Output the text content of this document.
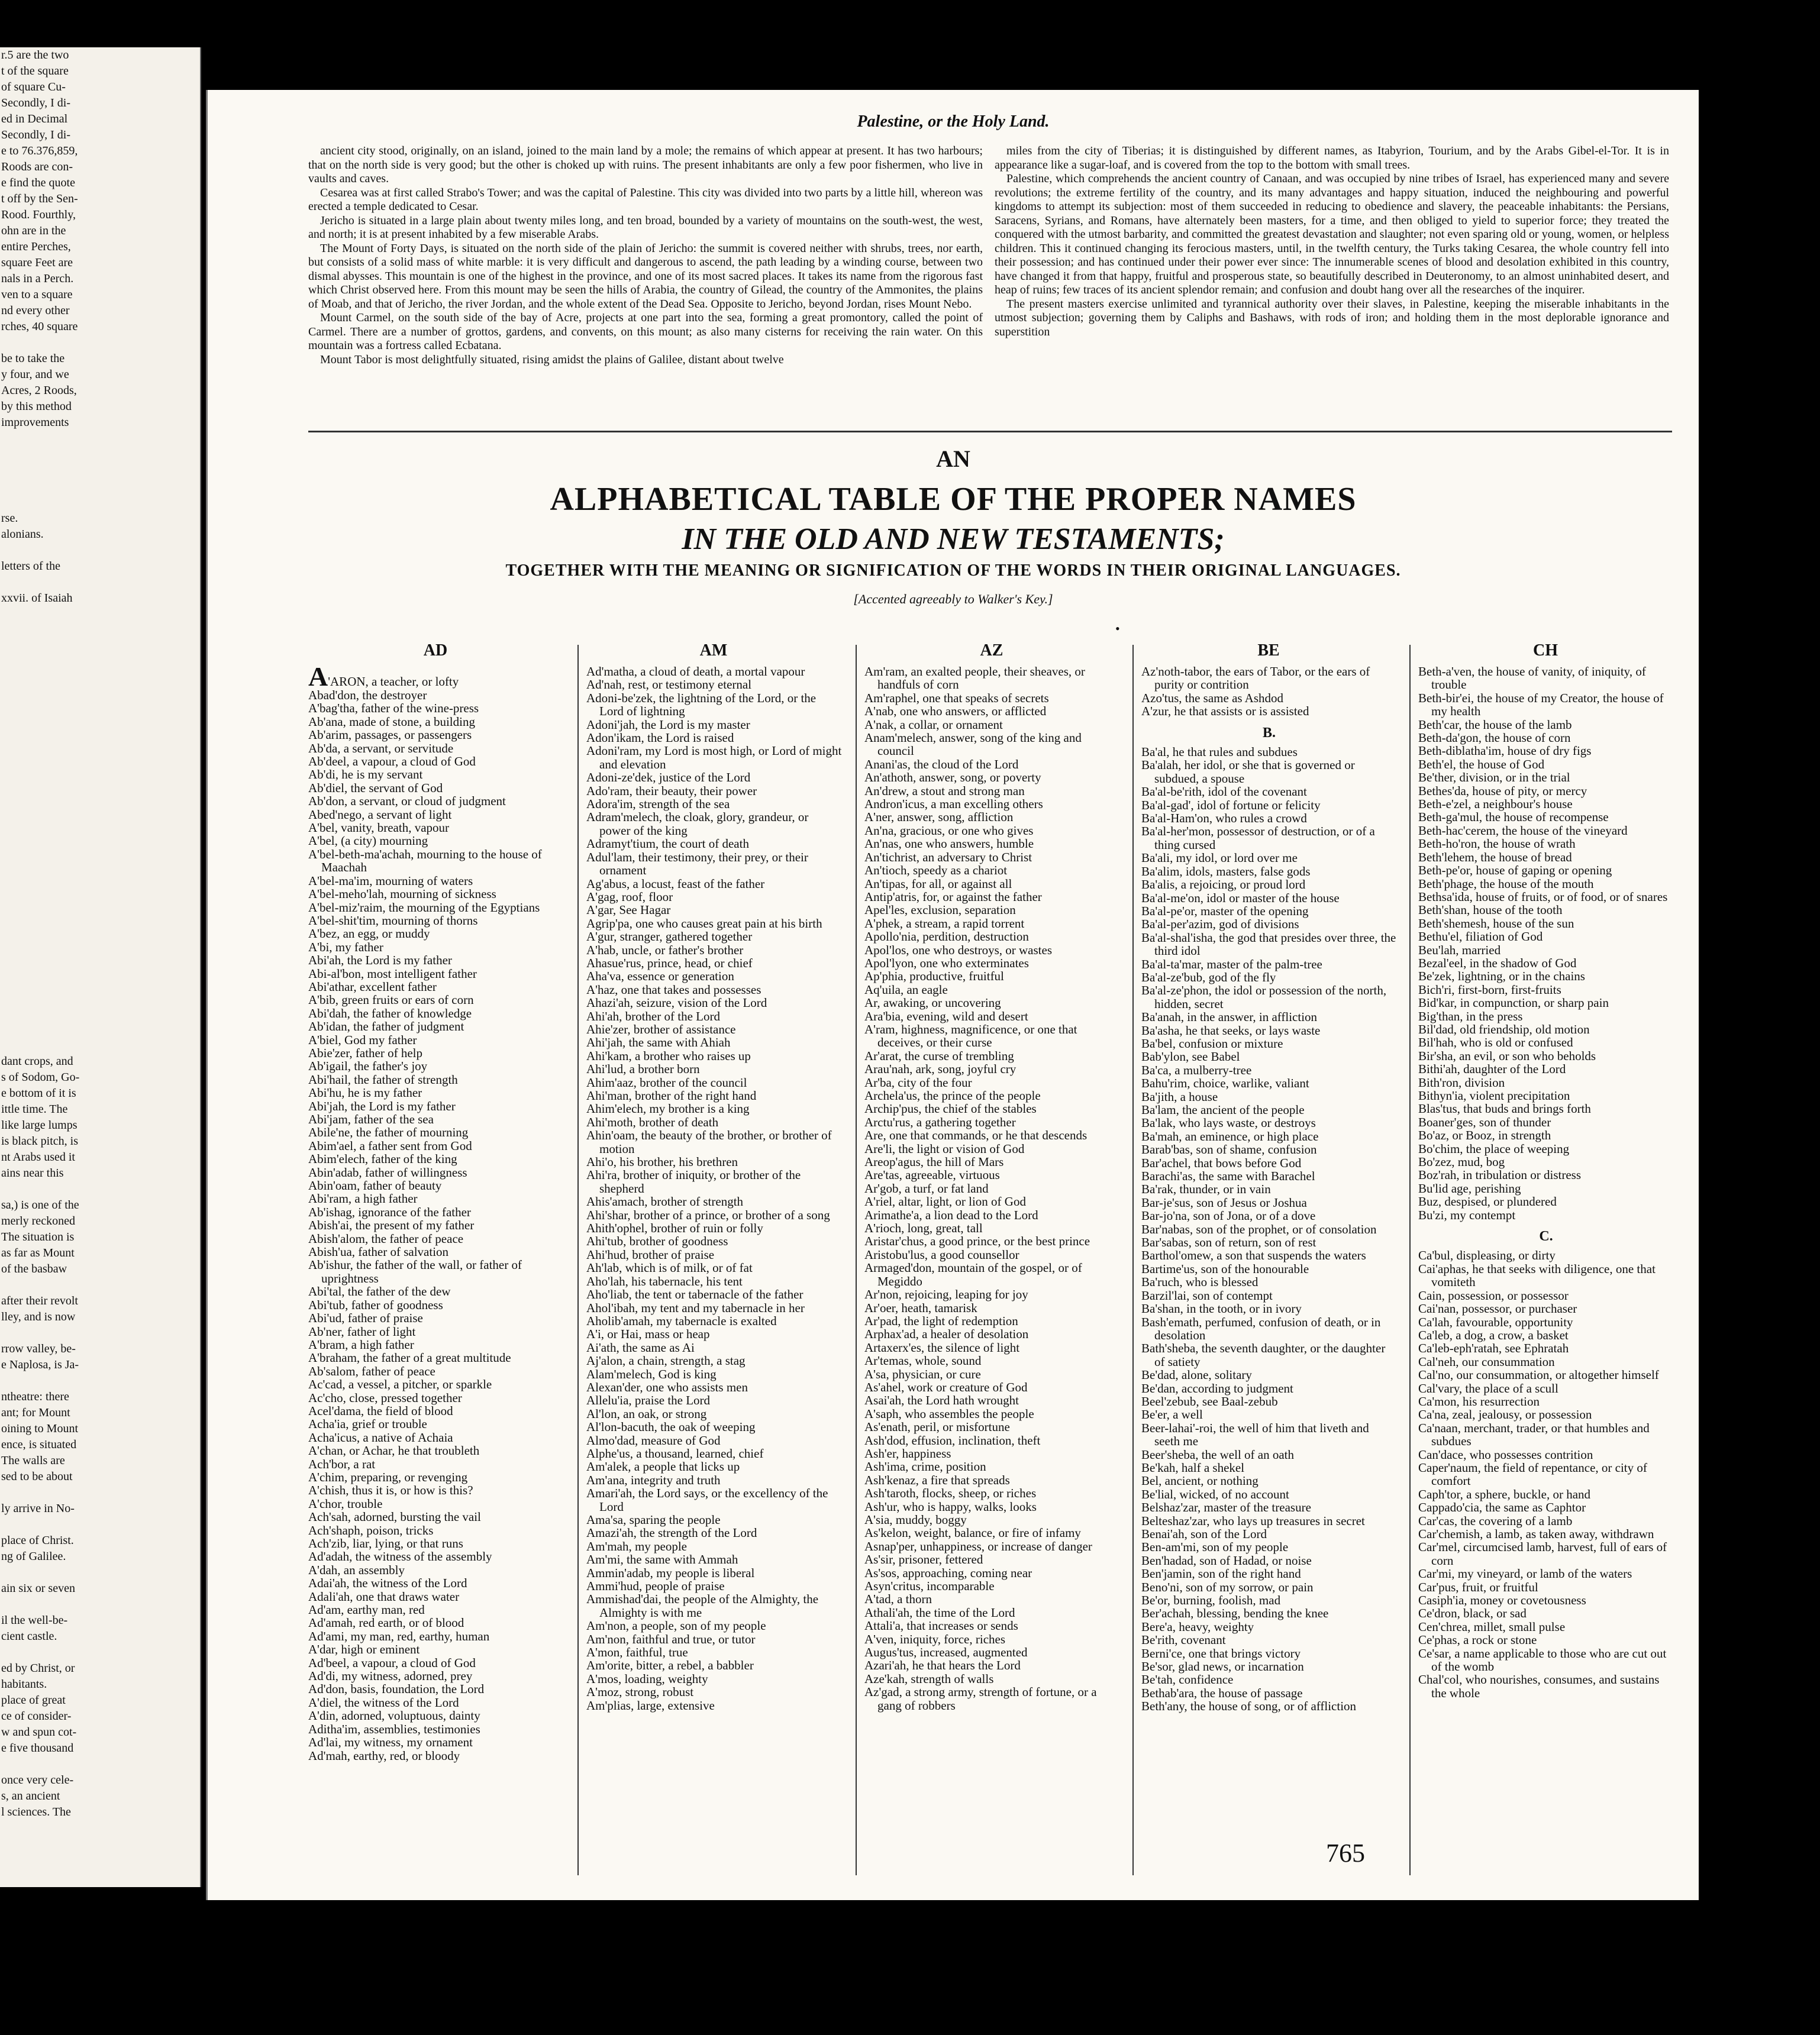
r.5 are the two
t of the square
of square Cu-
Secondly, I di-
ed in Decimal
Secondly, I di-
e to 76.376,859,
Roods are con-
e find the quote
t off by the Sen-
Rood. Fourthly,
ohn are in the
entire Perches,
square Feet are
nals in a Perch.
ven to a square
nd every other
rches, 40 square
be to take the
y four, and we
Acres, 2 Roods,
by this method
improvements
rse.
alonians.
letters of the
xxvii. of Isaiah
dant crops, and
s of Sodom, Go-
e bottom of it is
ittle time. The
like large lumps
is black pitch, is
nt Arabs used it
ains near this
sa,) is one of the
merly reckoned
The situation is
as far as Mount
of the basbaw
after their revolt
lley, and is now
rrow valley, be-
e Naplosa, is Ja-
ntheatre: there
ant; for Mount
oining to Mount
ence, is situated
The walls are
sed to be about
ly arrive in No-
place of Christ.
ng of Galilee.
ain six or seven
il the well-be-
cient castle.
ed by Christ, or
habitants.
place of great
ce of consider-
w and spun cot-
e five thousand
once very cele-
s, an ancient
l sciences. The
Palestine, or the Holy Land.

ancient city stood, originally, on an island, joined to the main land by a mole; the remains of which appear at present. It has two harbours; that on the north side is very good; but the other is choked up with ruins. The present inhabitants are only a few poor fishermen, who live in vaults and caves.

Cesarea was at first called Strabo's Tower; and was the capital of Palestine. This city was divided into two parts by a little hill, whereon was erected a temple dedicated to Cesar.

Jericho is situated in a large plain about twenty miles long, and ten broad, bounded by a variety of mountains on the south-west, the west, and north; it is at present inhabited by a few miserable Arabs.

The Mount of Forty Days, is situated on the north side of the plain of Jericho: the summit is covered neither with shrubs, trees, nor earth, but consists of a solid mass of white marble: it is very difficult and dangerous to ascend, the path leading by a winding course, between two dismal abysses. This mountain is one of the highest in the province, and one of its most sacred places. It takes its name from the rigorous fast which Christ observed here. From this mount may be seen the hills of Arabia, the country of Gilead, the country of the Ammonites, the plains of Moab, and that of Jericho, the river Jordan, and the whole extent of the Dead Sea. Opposite to Jericho, beyond Jordan, rises Mount Nebo.

Mount Carmel, on the south side of the bay of Acre, projects at one part into the sea, forming a great promontory, called the point of Carmel. There are a number of grottos, gardens, and convents, on this mount; as also many cisterns for receiving the rain water. On this mountain was a fortress called Ecbatana.

Mount Tabor is most delightfully situated, rising amidst the plains of Galilee, distant about twelve

miles from the city of Tiberias; it is distinguished by different names, as Itabyrion, Tourium, and by the Arabs Gibel-el-Tor. It is in appearance like a sugar-loaf, and is covered from the top to the bottom with small trees.

Palestine, which comprehends the ancient country of Canaan, and was occupied by nine tribes of Israel, has experienced many and severe revolutions; the extreme fertility of the country, and its many advantages and happy situation, induced the neighbouring and powerful kingdoms to attempt its subjection: most of them succeeded in reducing to obedience and slavery, the peaceable inhabitants: the Persians, Saracens, Syrians, and Romans, have alternately been masters, for a time, and then obliged to yield to superior force; they treated the conquered with the utmost barbarity, and committed the greatest devastation and slaughter; not even sparing old or young, women, or helpless children. This it continued changing its ferocious masters, until, in the twelfth century, the Turks taking Cesarea, the whole country fell into their possession; and has continued under their power ever since: The innumerable scenes of blood and desolation exhibited in this country, have changed it from that happy, fruitful and prosperous state, so beautifully described in Deuteronomy, to an almost uninhabited desert, and heap of ruins; few traces of its ancient splendor remain; and confusion and doubt hang over all the researches of the inquirer.

The present masters exercise unlimited and tyrannical authority over their slaves, in Palestine, keeping the miserable inhabitants in the utmost subjection; governing them by Caliphs and Bashaws, with rods of iron; and holding them in the most deplorable ignorance and superstition

AN
ALPHABETICAL TABLE OF THE PROPER NAMES
IN THE OLD AND NEW TESTAMENTS;
TOGETHER WITH THE MEANING OR SIGNIFICATION OF THE WORDS IN THEIR ORIGINAL LANGUAGES.
[Accented agreeably to Walker's Key.]
•
AD
A'ARON, a teacher, or lofty
Abad'don, the destroyer
A'bag'tha, father of the wine-press
Ab'ana, made of stone, a building
Ab'arim, passages, or passengers
Ab'da, a servant, or servitude
Ab'deel, a vapour, a cloud of God
Ab'di, he is my servant
Ab'diel, the servant of God
Ab'don, a servant, or cloud of judgment
Abed'nego, a servant of light
A'bel, vanity, breath, vapour
A'bel, (a city) mourning
A'bel-beth-ma'achah, mourning to the house of Maachah
A'bel-ma'im, mourning of waters
A'bel-meho'lah, mourning of sickness
A'bel-miz'raim, the mourning of the Egyptians
A'bel-shit'tim, mourning of thorns
A'bez, an egg, or muddy
A'bi, my father
Abi'ah, the Lord is my father
Abi-al'bon, most intelligent father
Abi'athar, excellent father
A'bib, green fruits or ears of corn
Abi'dah, the father of knowledge
Ab'idan, the father of judgment
A'biel, God my father
Abie'zer, father of help
Ab'igail, the father's joy
Abi'hail, the father of strength
Abi'hu, he is my father
Abi'jah, the Lord is my father
Abi'jam, father of the sea
Abile'ne, the father of mourning
Abim'ael, a father sent from God
Abim'elech, father of the king
Abin'adab, father of willingness
Abin'oam, father of beauty
Abi'ram, a high father
Ab'ishag, ignorance of the father
Abish'ai, the present of my father
Abish'alom, the father of peace
Abish'ua, father of salvation
Ab'ishur, the father of the wall, or father of uprightness
Abi'tal, the father of the dew
Abi'tub, father of goodness
Abi'ud, father of praise
Ab'ner, father of light
A'bram, a high father
A'braham, the father of a great multitude
Ab'salom, father of peace
Ac'cad, a vessel, a pitcher, or sparkle
Ac'cho, close, pressed together
Acel'dama, the field of blood
Acha'ia, grief or trouble
Acha'icus, a native of Achaia
A'chan, or Achar, he that troubleth
Ach'bor, a rat
A'chim, preparing, or revenging
A'chish, thus it is, or how is this?
A'chor, trouble
Ach'sah, adorned, bursting the vail
Ach'shaph, poison, tricks
Ach'zib, liar, lying, or that runs
Ad'adah, the witness of the assembly
A'dah, an assembly
Adai'ah, the witness of the Lord
Adali'ah, one that draws water
Ad'am, earthy man, red
Ad'amah, red earth, or of blood
Ad'ami, my man, red, earthy, human
A'dar, high or eminent
Ad'beel, a vapour, a cloud of God
Ad'di, my witness, adorned, prey
Ad'don, basis, foundation, the Lord
A'diel, the witness of the Lord
A'din, adorned, voluptuous, dainty
Aditha'im, assemblies, testimonies
Ad'lai, my witness, my ornament
Ad'mah, earthy, red, or bloody
AM
Ad'matha, a cloud of death, a mortal vapour
Ad'nah, rest, or testimony eternal
Adoni-be'zek, the lightning of the Lord, or the Lord of lightning
Adoni'jah, the Lord is my master
Adon'ikam, the Lord is raised
Adoni'ram, my Lord is most high, or Lord of might and elevation
Adoni-ze'dek, justice of the Lord
Ado'ram, their beauty, their power
Adora'im, strength of the sea
Adram'melech, the cloak, glory, grandeur, or power of the king
Adramyt'tium, the court of death
Adul'lam, their testimony, their prey, or their ornament
Ag'abus, a locust, feast of the father
A'gag, roof, floor
A'gar, See Hagar
Agrip'pa, one who causes great pain at his birth
A'gur, stranger, gathered together
A'hab, uncle, or father's brother
Ahasue'rus, prince, head, or chief
Aha'va, essence or generation
A'haz, one that takes and possesses
Ahazi'ah, seizure, vision of the Lord
Ahi'ah, brother of the Lord
Ahie'zer, brother of assistance
Ahi'jah, the same with Ahiah
Ahi'kam, a brother who raises up
Ahi'lud, a brother born
Ahim'aaz, brother of the council
Ahi'man, brother of the right hand
Ahim'elech, my brother is a king
Ahi'moth, brother of death
Ahin'oam, the beauty of the brother, or brother of motion
Ahi'o, his brother, his brethren
Ahi'ra, brother of iniquity, or brother of the shepherd
Ahis'amach, brother of strength
Ahi'shar, brother of a prince, or brother of a song
Ahith'ophel, brother of ruin or folly
Ahi'tub, brother of goodness
Ahi'hud, brother of praise
Ah'lab, which is of milk, or of fat
Aho'lah, his tabernacle, his tent
Aho'liab, the tent or tabernacle of the father
Ahol'ibah, my tent and my tabernacle in her
Aholib'amah, my tabernacle is exalted
A'i, or Hai, mass or heap
Ai'ath, the same as Ai
Aj'alon, a chain, strength, a stag
Alam'melech, God is king
Alexan'der, one who assists men
Allelu'ia, praise the Lord
Al'lon, an oak, or strong
Al'lon-bacuth, the oak of weeping
Almo'dad, measure of God
Alphe'us, a thousand, learned, chief
Am'alek, a people that licks up
Am'ana, integrity and truth
Amari'ah, the Lord says, or the excellency of the Lord
Ama'sa, sparing the people
Amazi'ah, the strength of the Lord
Am'mah, my people
Am'mi, the same with Ammah
Ammin'adab, my people is liberal
Ammi'hud, people of praise
Ammishad'dai, the people of the Almighty, the Almighty is with me
Am'non, a people, son of my people
Am'non, faithful and true, or tutor
A'mon, faithful, true
Am'orite, bitter, a rebel, a babbler
A'mos, loading, weighty
A'moz, strong, robust
Am'plias, large, extensive
AZ
Am'ram, an exalted people, their sheaves, or handfuls of corn
Am'raphel, one that speaks of secrets
A'nab, one who answers, or afflicted
A'nak, a collar, or ornament
Anam'melech, answer, song of the king and council
Anani'as, the cloud of the Lord
An'athoth, answer, song, or poverty
An'drew, a stout and strong man
Andron'icus, a man excelling others
A'ner, answer, song, affliction
An'na, gracious, or one who gives
An'nas, one who answers, humble
An'tichrist, an adversary to Christ
An'tioch, speedy as a chariot
An'tipas, for all, or against all
Antip'atris, for, or against the father
Apel'les, exclusion, separation
A'phek, a stream, a rapid torrent
Apollo'nia, perdition, destruction
Apol'los, one who destroys, or wastes
Apol'lyon, one who exterminates
Ap'phia, productive, fruitful
Aq'uila, an eagle
Ar, awaking, or uncovering
Ara'bia, evening, wild and desert
A'ram, highness, magnificence, or one that deceives, or their curse
Ar'arat, the curse of trembling
Arau'nah, ark, song, joyful cry
Ar'ba, city of the four
Archela'us, the prince of the people
Archip'pus, the chief of the stables
Arctu'rus, a gathering together
Are, one that commands, or he that descends
Are'li, the light or vision of God
Areop'agus, the hill of Mars
Are'tas, agreeable, virtuous
Ar'gob, a turf, or fat land
A'riel, altar, light, or lion of God
Arimathe'a, a lion dead to the Lord
A'rioch, long, great, tall
Aristar'chus, a good prince, or the best prince
Aristobu'lus, a good counsellor
Armaged'don, mountain of the gospel, or of Megiddo
Ar'non, rejoicing, leaping for joy
Ar'oer, heath, tamarisk
Ar'pad, the light of redemption
Arphax'ad, a healer of desolation
Artaxerx'es, the silence of light
Ar'temas, whole, sound
A'sa, physician, or cure
As'ahel, work or creature of God
Asai'ah, the Lord hath wrought
A'saph, who assembles the people
As'enath, peril, or misfortune
Ash'dod, effusion, inclination, theft
Ash'er, happiness
Ash'ima, crime, position
Ash'kenaz, a fire that spreads
Ash'taroth, flocks, sheep, or riches
Ash'ur, who is happy, walks, looks
A'sia, muddy, boggy
As'kelon, weight, balance, or fire of infamy
Asnap'per, unhappiness, or increase of danger
As'sir, prisoner, fettered
As'sos, approaching, coming near
Asyn'critus, incomparable
A'tad, a thorn
Athali'ah, the time of the Lord
Attali'a, that increases or sends
A'ven, iniquity, force, riches
Augus'tus, increased, augmented
Azari'ah, he that hears the Lord
Aze'kah, strength of walls
Az'gad, a strong army, strength of fortune, or a gang of robbers
BE
Az'noth-tabor, the ears of Tabor, or the ears of purity or contrition
Azo'tus, the same as Ashdod
A'zur, he that assists or is assisted
B.
Ba'al, he that rules and subdues
Ba'alah, her idol, or she that is governed or subdued, a spouse
Ba'al-be'rith, idol of the covenant
Ba'al-gad', idol of fortune or felicity
Ba'al-Ham'on, who rules a crowd
Ba'al-her'mon, possessor of destruction, or of a thing cursed
Ba'ali, my idol, or lord over me
Ba'alim, idols, masters, false gods
Ba'alis, a rejoicing, or proud lord
Ba'al-me'on, idol or master of the house
Ba'al-pe'or, master of the opening
Ba'al-per'azim, god of divisions
Ba'al-shal'isha, the god that presides over three, the third idol
Ba'al-ta'mar, master of the palm-tree
Ba'al-ze'bub, god of the fly
Ba'al-ze'phon, the idol or possession of the north, hidden, secret
Ba'anah, in the answer, in affliction
Ba'asha, he that seeks, or lays waste
Ba'bel, confusion or mixture
Bab'ylon, see Babel
Ba'ca, a mulberry-tree
Bahu'rim, choice, warlike, valiant
Ba'jith, a house
Ba'lam, the ancient of the people
Ba'lak, who lays waste, or destroys
Ba'mah, an eminence, or high place
Barab'bas, son of shame, confusion
Bar'achel, that bows before God
Barachi'as, the same with Barachel
Ba'rak, thunder, or in vain
Bar-je'sus, son of Jesus or Joshua
Bar-jo'na, son of Jona, or of a dove
Bar'nabas, son of the prophet, or of consolation
Bar'sabas, son of return, son of rest
Barthol'omew, a son that suspends the waters
Bartime'us, son of the honourable
Ba'ruch, who is blessed
Barzil'lai, son of contempt
Ba'shan, in the tooth, or in ivory
Bash'emath, perfumed, confusion of death, or in desolation
Bath'sheba, the seventh daughter, or the daughter of satiety
Be'dad, alone, solitary
Be'dan, according to judgment
Beel'zebub, see Baal-zebub
Be'er, a well
Beer-lahai'-roi, the well of him that liveth and seeth me
Beer'sheba, the well of an oath
Be'kah, half a shekel
Bel, ancient, or nothing
Be'lial, wicked, of no account
Belshaz'zar, master of the treasure
Belteshaz'zar, who lays up treasures in secret
Benai'ah, son of the Lord
Ben-am'mi, son of my people
Ben'hadad, son of Hadad, or noise
Ben'jamin, son of the right hand
Beno'ni, son of my sorrow, or pain
Be'or, burning, foolish, mad
Ber'achah, blessing, bending the knee
Bere'a, heavy, weighty
Be'rith, covenant
Berni'ce, one that brings victory
Be'sor, glad news, or incarnation
Be'tah, confidence
Bethab'ara, the house of passage
Beth'any, the house of song, or of affliction
CH
Beth-a'ven, the house of vanity, of iniquity, of trouble
Beth-bir'ei, the house of my Creator, the house of my health
Beth'car, the house of the lamb
Beth-da'gon, the house of corn
Beth-diblatha'im, house of dry figs
Beth'el, the house of God
Be'ther, division, or in the trial
Bethes'da, house of pity, or mercy
Beth-e'zel, a neighbour's house
Beth-ga'mul, the house of recompense
Beth-hac'cerem, the house of the vineyard
Beth-ho'ron, the house of wrath
Beth'lehem, the house of bread
Beth-pe'or, house of gaping or opening
Beth'phage, the house of the mouth
Bethsa'ida, house of fruits, or of food, or of snares
Beth'shan, house of the tooth
Beth'shemesh, house of the sun
Bethu'el, filiation of God
Beu'lah, married
Bezal'eel, in the shadow of God
Be'zek, lightning, or in the chains
Bich'ri, first-born, first-fruits
Bid'kar, in compunction, or sharp pain
Big'than, in the press
Bil'dad, old friendship, old motion
Bil'hah, who is old or confused
Bir'sha, an evil, or son who beholds
Bithi'ah, daughter of the Lord
Bith'ron, division
Bithyn'ia, violent precipitation
Blas'tus, that buds and brings forth
Boaner'ges, son of thunder
Bo'az, or Booz, in strength
Bo'chim, the place of weeping
Bo'zez, mud, bog
Boz'rah, in tribulation or distress
Bu'lid age, perishing
Buz, despised, or plundered
Bu'zi, my contempt
C.
Ca'bul, displeasing, or dirty
Cai'aphas, he that seeks with diligence, one that vomiteth
Cain, possession, or possessor
Cai'nan, possessor, or purchaser
Ca'lah, favourable, opportunity
Ca'leb, a dog, a crow, a basket
Ca'leb-eph'ratah, see Ephratah
Cal'neh, our consummation
Cal'no, our consummation, or altogether himself
Cal'vary, the place of a scull
Ca'mon, his resurrection
Ca'na, zeal, jealousy, or possession
Ca'naan, merchant, trader, or that humbles and subdues
Can'dace, who possesses contrition
Caper'naum, the field of repentance, or city of comfort
Caph'tor, a sphere, buckle, or hand
Cappado'cia, the same as Caphtor
Car'cas, the covering of a lamb
Car'chemish, a lamb, as taken away, withdrawn
Car'mel, circumcised lamb, harvest, full of ears of corn
Car'mi, my vineyard, or lamb of the waters
Car'pus, fruit, or fruitful
Casiph'ia, money or covetousness
Ce'dron, black, or sad
Cen'chrea, millet, small pulse
Ce'phas, a rock or stone
Ce'sar, a name applicable to those who are cut out of the womb
Chal'col, who nourishes, consumes, and sustains the whole
765
